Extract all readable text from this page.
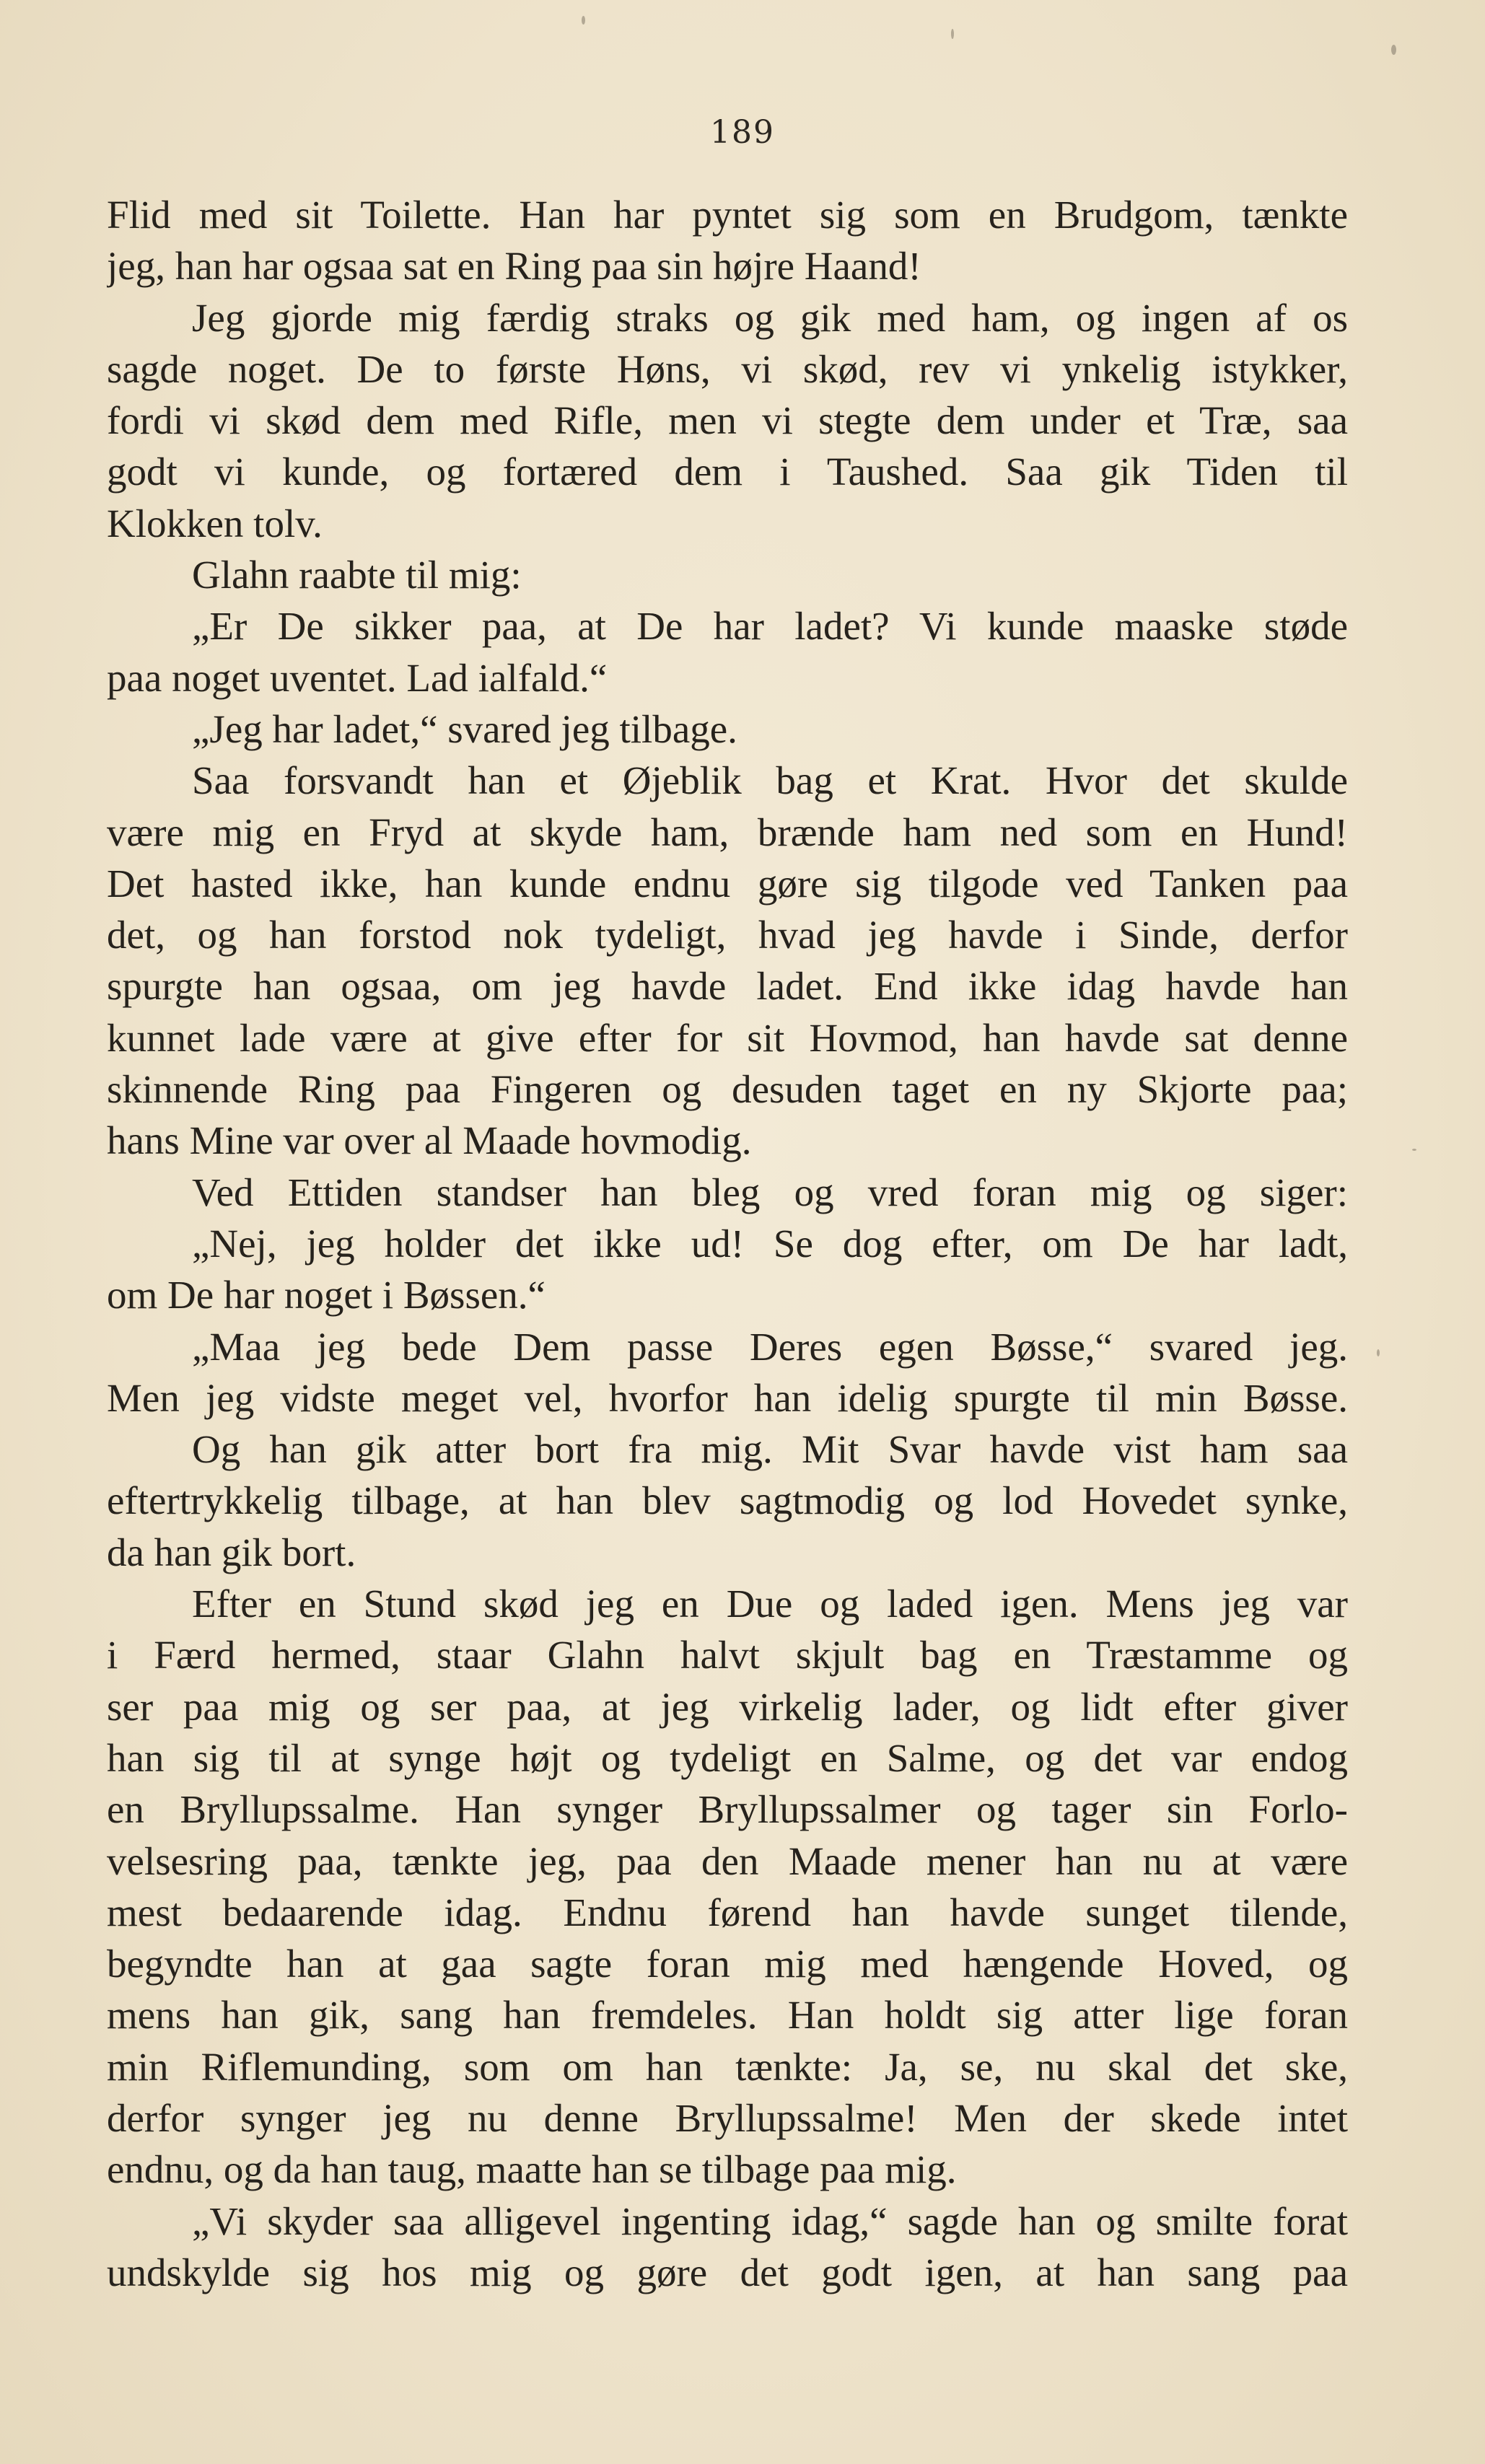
189
Flid med sit Toilette. Han har pyntet sig som en Brudgom, tænkte
jeg, han har ogsaa sat en Ring paa sin højre Haand!
Jeg gjorde mig færdig straks og gik med ham, og ingen af os
sagde noget. De to første Høns, vi skød, rev vi ynkelig istykker,
fordi vi skød dem med Rifle, men vi stegte dem under et Træ, saa
godt vi kunde, og fortæred dem i Taushed. Saa gik Tiden til
Klokken tolv.
Glahn raabte til mig:
„Er De sikker paa, at De har ladet? Vi kunde maaske støde
paa noget uventet. Lad ialfald.“
„Jeg har ladet,“ svared jeg tilbage.
Saa forsvandt han et Øjeblik bag et Krat. Hvor det skulde
være mig en Fryd at skyde ham, brænde ham ned som en Hund!
Det hasted ikke, han kunde endnu gøre sig tilgode ved Tanken paa
det, og han forstod nok tydeligt, hvad jeg havde i Sinde, derfor
spurgte han ogsaa, om jeg havde ladet. End ikke idag havde han
kunnet lade være at give efter for sit Hovmod, han havde sat denne
skinnende Ring paa Fingeren og desuden taget en ny Skjorte paa;
hans Mine var over al Maade hovmodig.
Ved Ettiden standser han bleg og vred foran mig og siger:
„Nej, jeg holder det ikke ud! Se dog efter, om De har ladt,
om De har noget i Bøssen.“
„Maa jeg bede Dem passe Deres egen Bøsse,“ svared jeg.
Men jeg vidste meget vel, hvorfor han idelig spurgte til min Bøsse.
Og han gik atter bort fra mig. Mit Svar havde vist ham saa
eftertrykkelig tilbage, at han blev sagtmodig og lod Hovedet synke,
da han gik bort.
Efter en Stund skød jeg en Due og laded igen. Mens jeg var
i Færd hermed, staar Glahn halvt skjult bag en Træstamme og
ser paa mig og ser paa, at jeg virkelig lader, og lidt efter giver
han sig til at synge højt og tydeligt en Salme, og det var endog
en Bryllupssalme. Han synger Bryllupssalmer og tager sin Forlo-
velsesring paa, tænkte jeg, paa den Maade mener han nu at være
mest bedaarende idag. Endnu førend han havde sunget tilende,
begyndte han at gaa sagte foran mig med hængende Hoved, og
mens han gik, sang han fremdeles. Han holdt sig atter lige foran
min Riflemunding, som om han tænkte: Ja, se, nu skal det ske,
derfor synger jeg nu denne Bryllupssalme! Men der skede intet
endnu, og da han taug, maatte han se tilbage paa mig.
„Vi skyder saa alligevel ingenting idag,“ sagde han og smilte forat
undskylde sig hos mig og gøre det godt igen, at han sang paa
